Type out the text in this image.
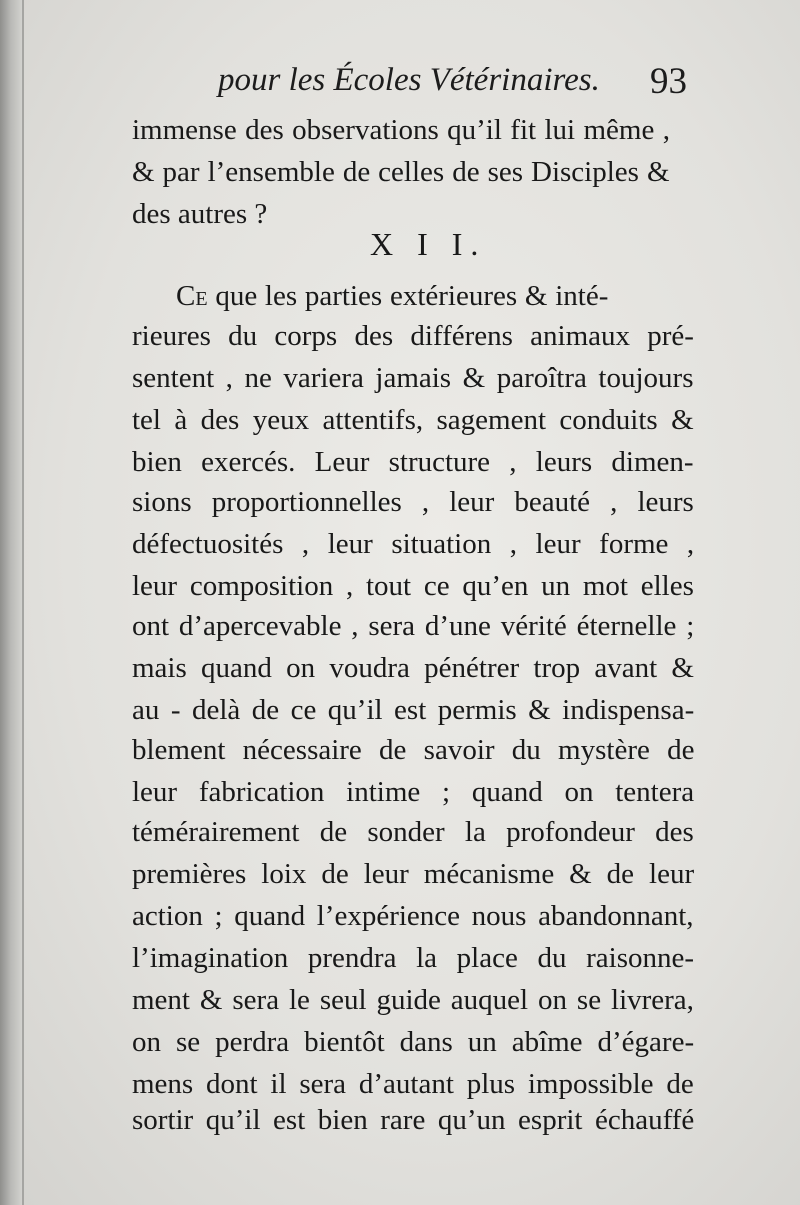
pour les Écoles Vétérinaires. 93
immense des observations qu’il fit lui même ,
& par l’ensemble de celles de ses Disciples &
des autres ?
X I I.
Ce que les parties extérieures & inté-
rieures du corps des différens animaux pré-
sentent , ne variera jamais & paroîtra toujours
tel à des yeux attentifs, sagement conduits &
bien exercés. Leur structure , leurs dimen-
sions proportionnelles , leur beauté , leurs
défectuosités , leur situation , leur forme ,
leur composition , tout ce qu’en un mot elles
ont d’apercevable , sera d’une vérité éternelle ;
mais quand on voudra pénétrer trop avant &
au - delà de ce qu’il est permis & indispensa-
blement nécessaire de savoir du mystère de
leur fabrication intime ; quand on tentera
témérairement de sonder la profondeur des
premières loix de leur mécanisme & de leur
action ; quand l’expérience nous abandonnant,
l’imagination prendra la place du raisonne-
ment & sera le seul guide auquel on se livrera,
on se perdra bientôt dans un abîme d’égare-
mens dont il sera d’autant plus impossible de
sortir qu’il est bien rare qu’un esprit échauffé
